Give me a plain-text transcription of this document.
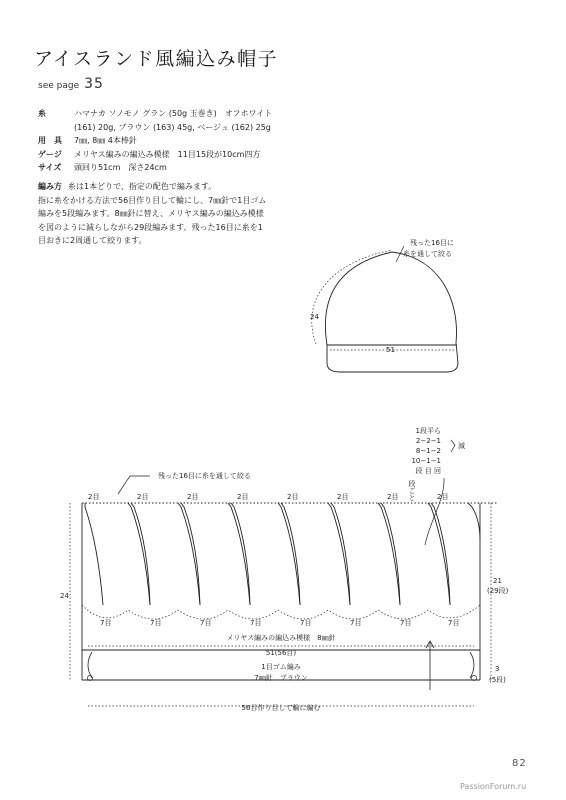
アイスランド風編込み帽子
see page 35
糸	ハマナカ ソノモノ グラン (50g 玉巻き)　オフホワイト
(161) 20g, ブラウン (163) 45g, ベージュ (162) 25g
用　具	7㎜, 8㎜ 4本棒針
ゲージ	メリヤス編みの編込み模様　11目15段が10cm四方
サイズ	頭回り51cm　深さ24cm
編み方 糸は1本どりで、指定の配色で編みます。
指に糸をかける方法で56目作り目して輪にし、7㎜針で1目ゴム
編みを5段編みます。8㎜針に替え、メリヤス編みの編込み模様
を図のように減らしながら29段編みます。残った16目に糸を1
目おきに2周通して絞ります。	残った16目に
糸を通して絞る
24
51
残った16目に糸を通して絞る
2目	2目	2目	2目	2目	2目	2目	2目
7目	7目	7目	7目	7目	7目	7目	7目
1段平ら
2−2−1
8−1−2
10−1−1
段 目 回
減
段ごと
24
21
(29段)
メリヤス編みの編込み模様　8㎜針
51(56目)
1目ゴム編み
7㎜針　ブラウン
3
(5段)
56目作り目して輪に編む
82
PassionForum.ru
